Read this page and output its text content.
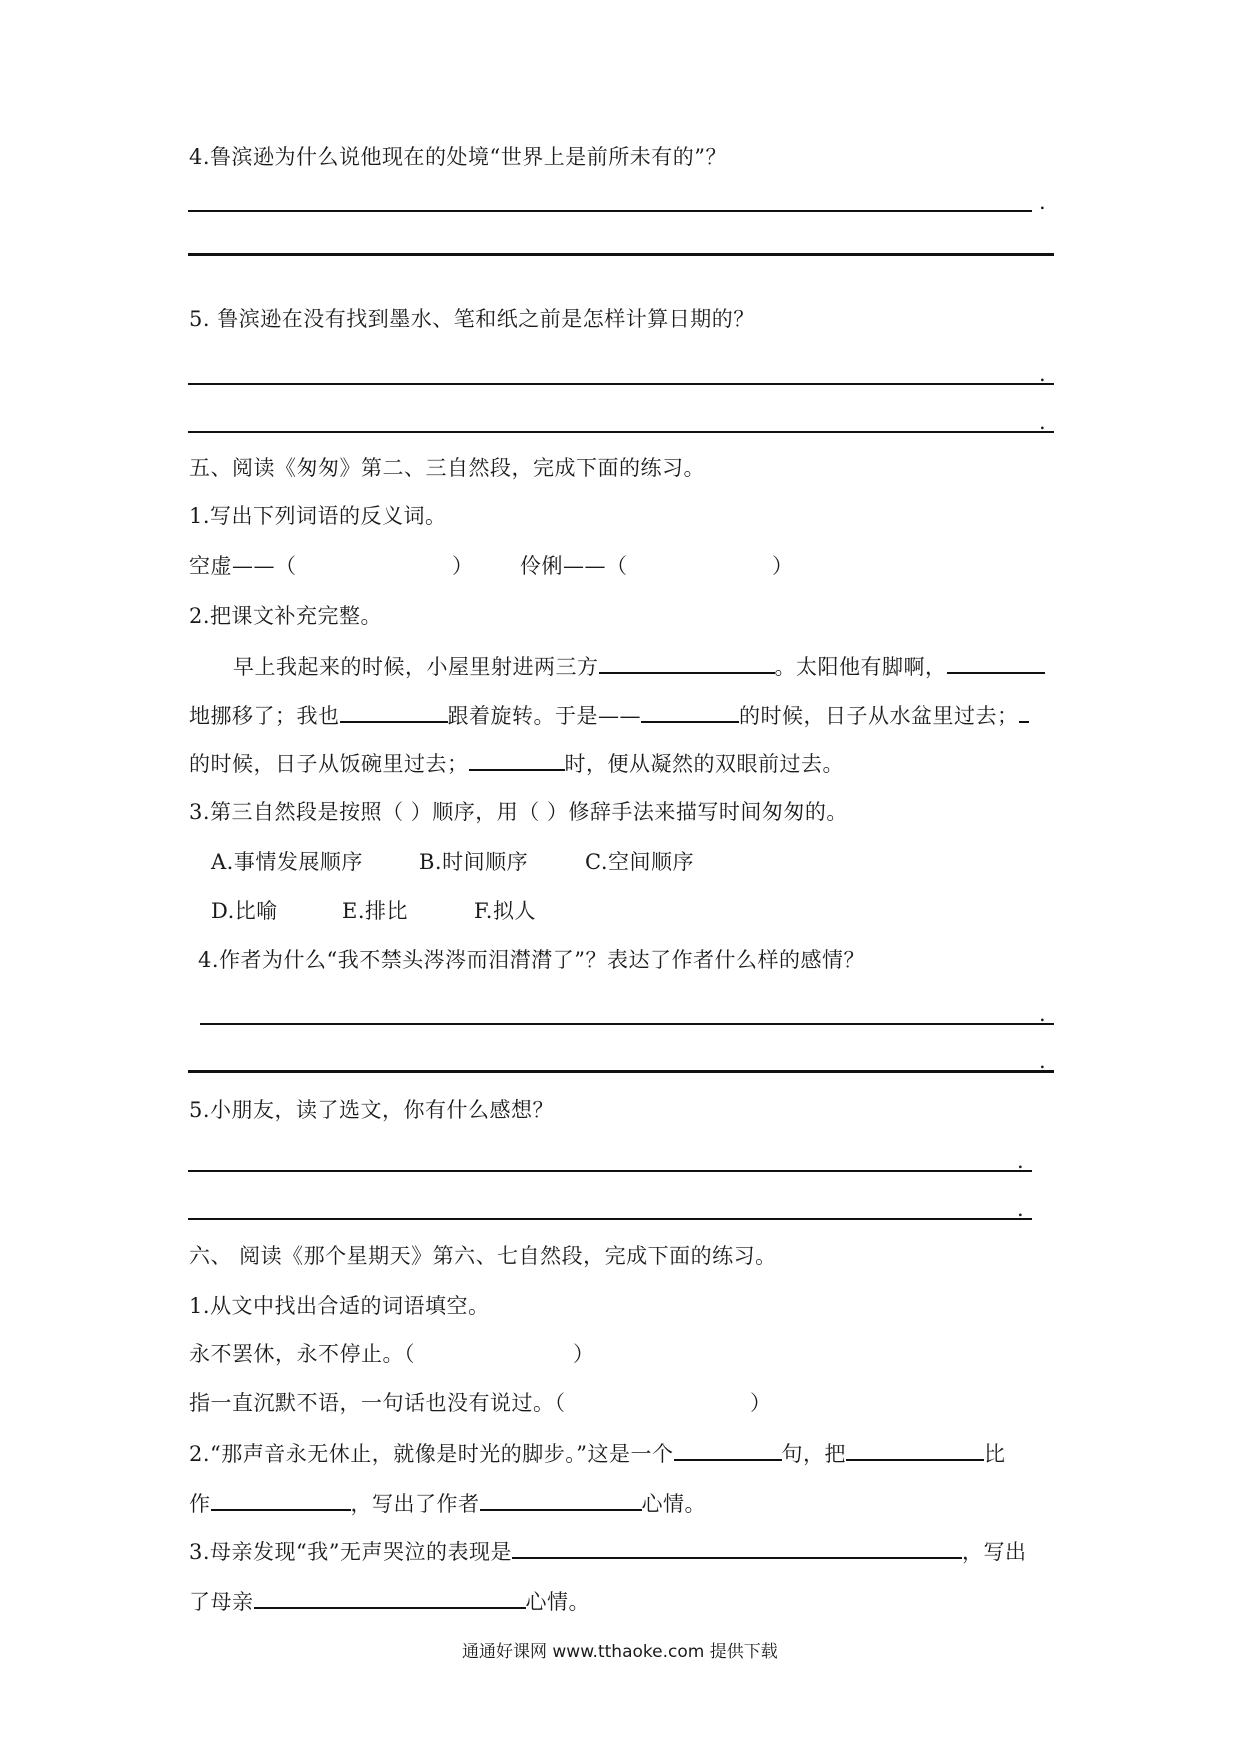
4.鲁滨逊为什么说他现在的处境“世界上是前所未有的”？
.
5. 鲁滨逊在没有找到墨水、笔和纸之前是怎样计算日期的？
.
.
五、阅读《匆匆》第二、三自然段，完成下面的练习。
1.写出下列词语的反义词。
空虚——（	） 伶俐——（	）
2.把课文补充完整。
早上我起来的时候，小屋里射进两三方	。太阳他有脚啊，
地挪移了；我也	跟着旋转。于是——	的时候，日子从水盆里过去；
的时候，日子从饭碗里过去；	时，便从凝然的双眼前过去。
3.第三自然段是按照（ ）顺序，用（ ）修辞手法来描写时间匆匆的。
A.事情发展顺序	B.时间顺序	C.空间顺序
D.比喻	E.排比	F.拟人
4.作者为什么“我不禁头涔涔而泪潸潸了”？表达了作者什么样的感情？
.
.
5.小朋友，读了选文，你有什么感想？
.
.
六、 阅读《那个星期天》第六、七自然段，完成下面的练习。
1.从文中找出合适的词语填空。
永不罢休，永不停止。（	）
指一直沉默不语，一句话也没有说过。（	）
2.“那声音永无休止，就像是时光的脚步。”这是一个	句，把	比
作	，写出了作者	心情。
3.母亲发现“我”无声哭泣的表现是	，写出
了母亲	心情。
通通好课网 www.tthaoke.com 提供下载
